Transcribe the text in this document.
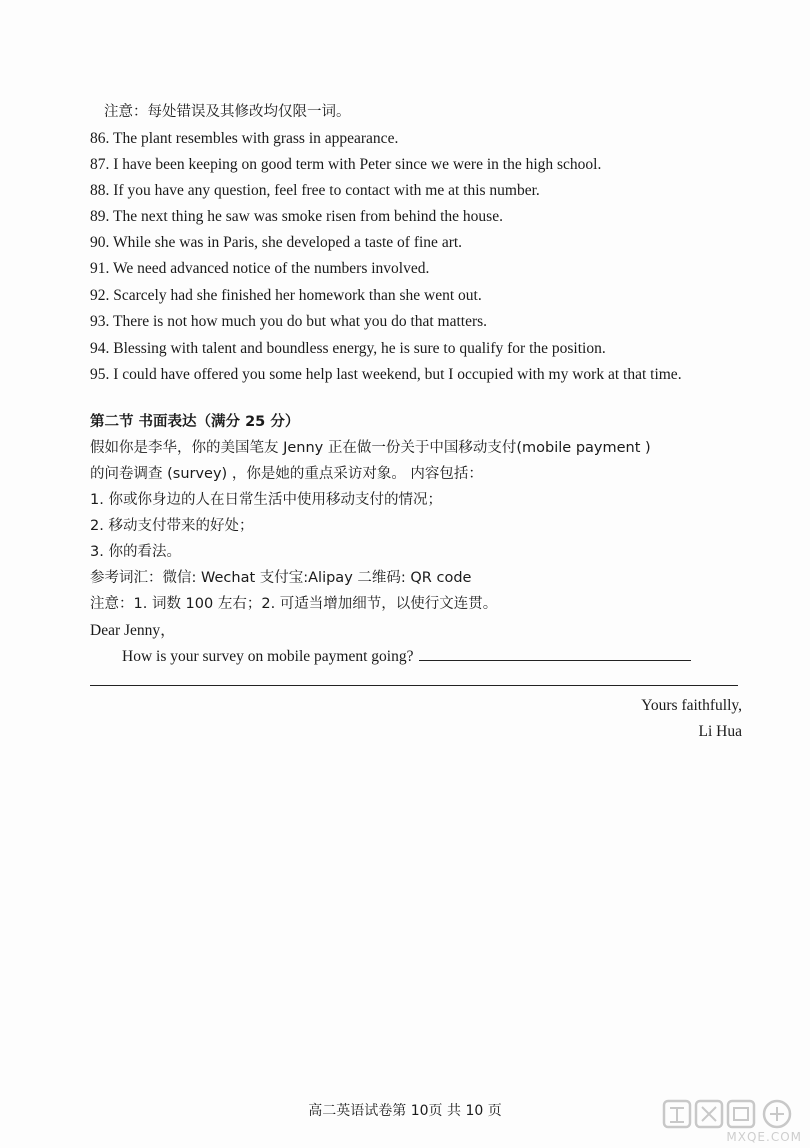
注意：每处错误及其修改均仅限一词。
86. The plant resembles with grass in appearance.
87. I have been keeping on good term with Peter since we were in the high school.
88. If you have any question, feel free to contact with me at this number.
89. The next thing he saw was smoke risen from behind the house.
90. While she was in Paris, she developed a taste of fine art.
91. We need advanced notice of the numbers involved.
92. Scarcely had she finished her homework than she went out.
93. There is not how much you do but what you do that matters.
94. Blessing with talent and boundless energy, he is sure to qualify for the position.
95. I could have offered you some help last weekend, but I occupied with my work at that time.
第二节 书面表达（满分 25 分）
假如你是李华，你的美国笔友 Jenny 正在做一份关于中国移动支付(mobile payment )
的问卷调查 (survey) ，你是她的重点采访对象。 内容包括：
1. 你或你身边的人在日常生活中使用移动支付的情况；
2. 移动支付带来的好处；
3. 你的看法。
参考词汇：微信: Wechat 支付宝:Alipay 二维码: QR code
注意：1. 词数 100 左右；2. 可适当增加细节，以使行文连贯。
Dear Jenny，
How is your survey on mobile payment going?
Yours faithfully,
Li Hua
高二英语试卷第 10页 共 10 页
MXQE.COM
